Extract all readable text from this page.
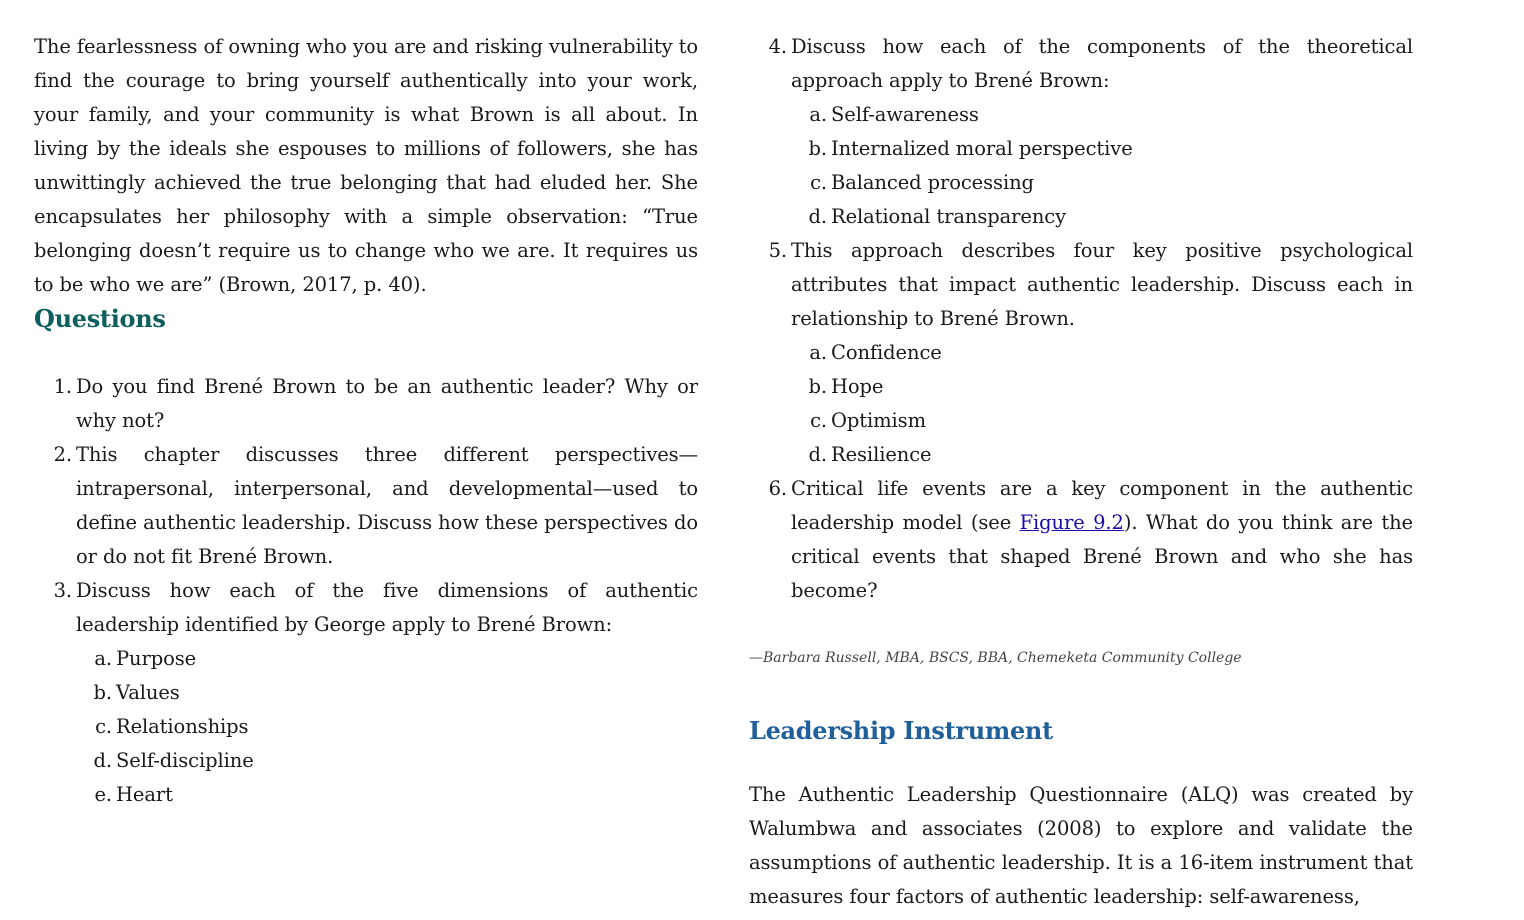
The fearlessness of owning who you are and risking vulnerability to find the courage to bring yourself authentically into your work, your family, and your community is what Brown is all about. In living by the ideals she espouses to millions of followers, she has unwittingly achieved the true belonging that had eluded her. She encapsulates her philosophy with a simple observation: “True belonging doesn’t require us to change who we are. It requires us to be who we are” (Brown, 2017, p. 40).

Questions
1. Do you find Brené Brown to be an authentic leader? Why or why not?
2. This chapter discusses three different perspectives—intrapersonal, interpersonal, and developmental—used to define authentic leadership. Discuss how these perspectives do or do not fit Brené Brown.
3. Discuss how each of the five dimensions of authentic leadership identified by George apply to Brené Brown:
a. Purpose
b. Values
c. Relationships
d. Self-discipline
e. Heart
4. Discuss how each of the components of the theoretical approach apply to Brené Brown:
a. Self-awareness
b. Internalized moral perspective
c. Balanced processing
d. Relational transparency
5. This approach describes four key positive psychological attributes that impact authentic leadership. Discuss each in relationship to Brené Brown.
a. Confidence
b. Hope
c. Optimism
d. Resilience
6. Critical life events are a key component in the authentic leadership model (see Figure 9.2). What do you think are the critical events that shaped Brené Brown and who she has become?
—Barbara Russell, MBA, BSCS, BBA, Chemeketa Community College
Leadership Instrument

The Authentic Leadership Questionnaire (ALQ) was created by Walumbwa and associates (2008) to explore and validate the assumptions of authentic leadership. It is a 16-item instrument that measures four factors of authentic leadership: self-awareness,
